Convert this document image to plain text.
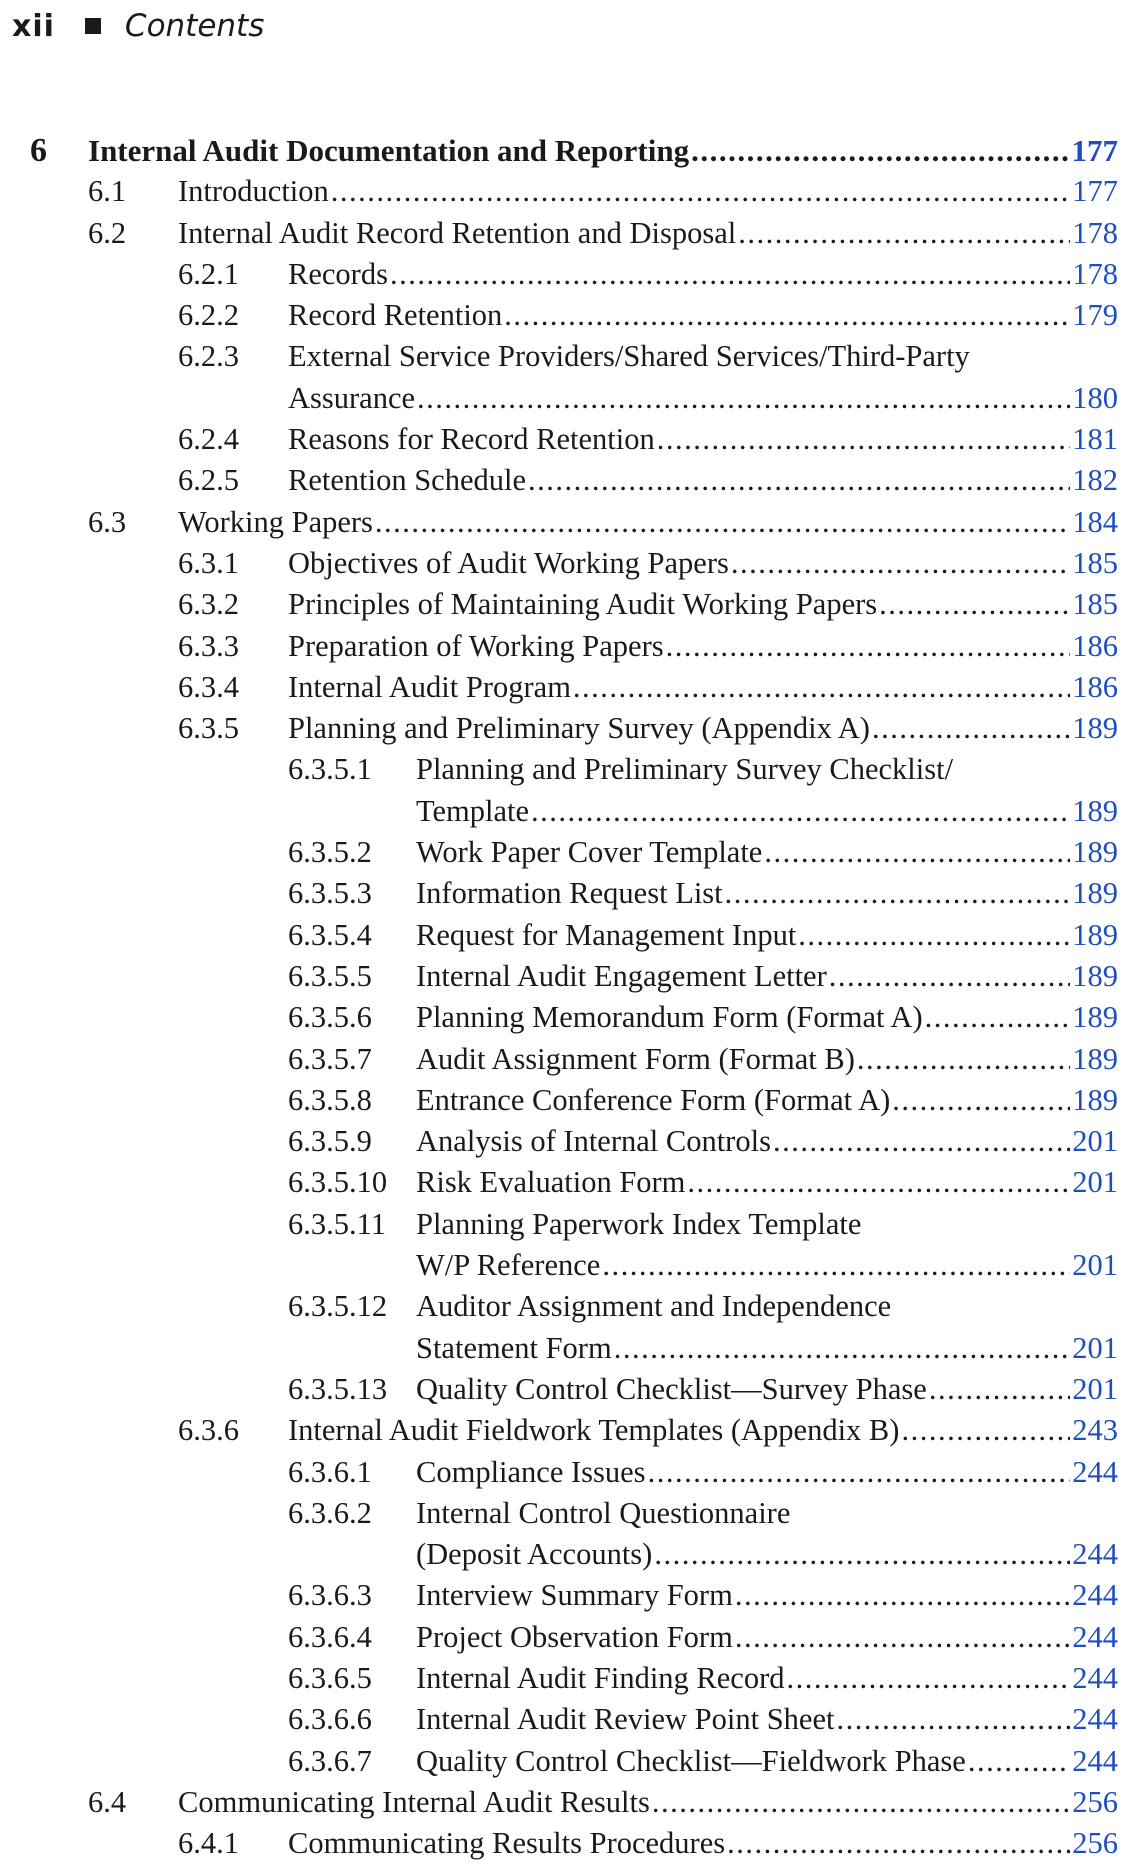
xii Contents
6 Internal Audit Documentation and Reporting .....	177
6.1 Introduction .....	177
6.2 Internal Audit Record Retention and Disposal .....	178
6.2.1 Records .....	178
6.2.2 Record Retention .....	179
6.2.3 External Service Providers/Shared Services/Third-Party
Assurance .....	180
6.2.4 Reasons for Record Retention .....	181
6.2.5 Retention Schedule .....	182
6.3 Working Papers .....	184
6.3.1 Objectives of Audit Working Papers .....	185
6.3.2 Principles of Maintaining Audit Working Papers .....	185
6.3.3 Preparation of Working Papers .....	186
6.3.4 Internal Audit Program .....	186
6.3.5 Planning and Preliminary Survey (Appendix A) .....	189
6.3.5.1 Planning and Preliminary Survey Checklist/
Template .....	189
6.3.5.2 Work Paper Cover Template .....	189
6.3.5.3 Information Request List .....	189
6.3.5.4 Request for Management Input .....	189
6.3.5.5 Internal Audit Engagement Letter .....	189
6.3.5.6 Planning Memorandum Form (Format A) .....	189
6.3.5.7 Audit Assignment Form (Format B) .....	189
6.3.5.8 Entrance Conference Form (Format A) .....	189
6.3.5.9 Analysis of Internal Controls .....	201
6.3.5.10 Risk Evaluation Form .....	201
6.3.5.11 Planning Paperwork Index Template
W/P Reference .....	201
6.3.5.12 Auditor Assignment and Independence
Statement Form .....	201
6.3.5.13 Quality Control Checklist—Survey Phase .....	201
6.3.6 Internal Audit Fieldwork Templates (Appendix B) .....	243
6.3.6.1 Compliance Issues .....	244
6.3.6.2 Internal Control Questionnaire
(Deposit Accounts) .....	244
6.3.6.3 Interview Summary Form .....	244
6.3.6.4 Project Observation Form .....	244
6.3.6.5 Internal Audit Finding Record .....	244
6.3.6.6 Internal Audit Review Point Sheet .....	244
6.3.6.7 Quality Control Checklist—Fieldwork Phase .....	244
6.4 Communicating Internal Audit Results .....	256
6.4.1 Communicating Results Procedures .....	256
